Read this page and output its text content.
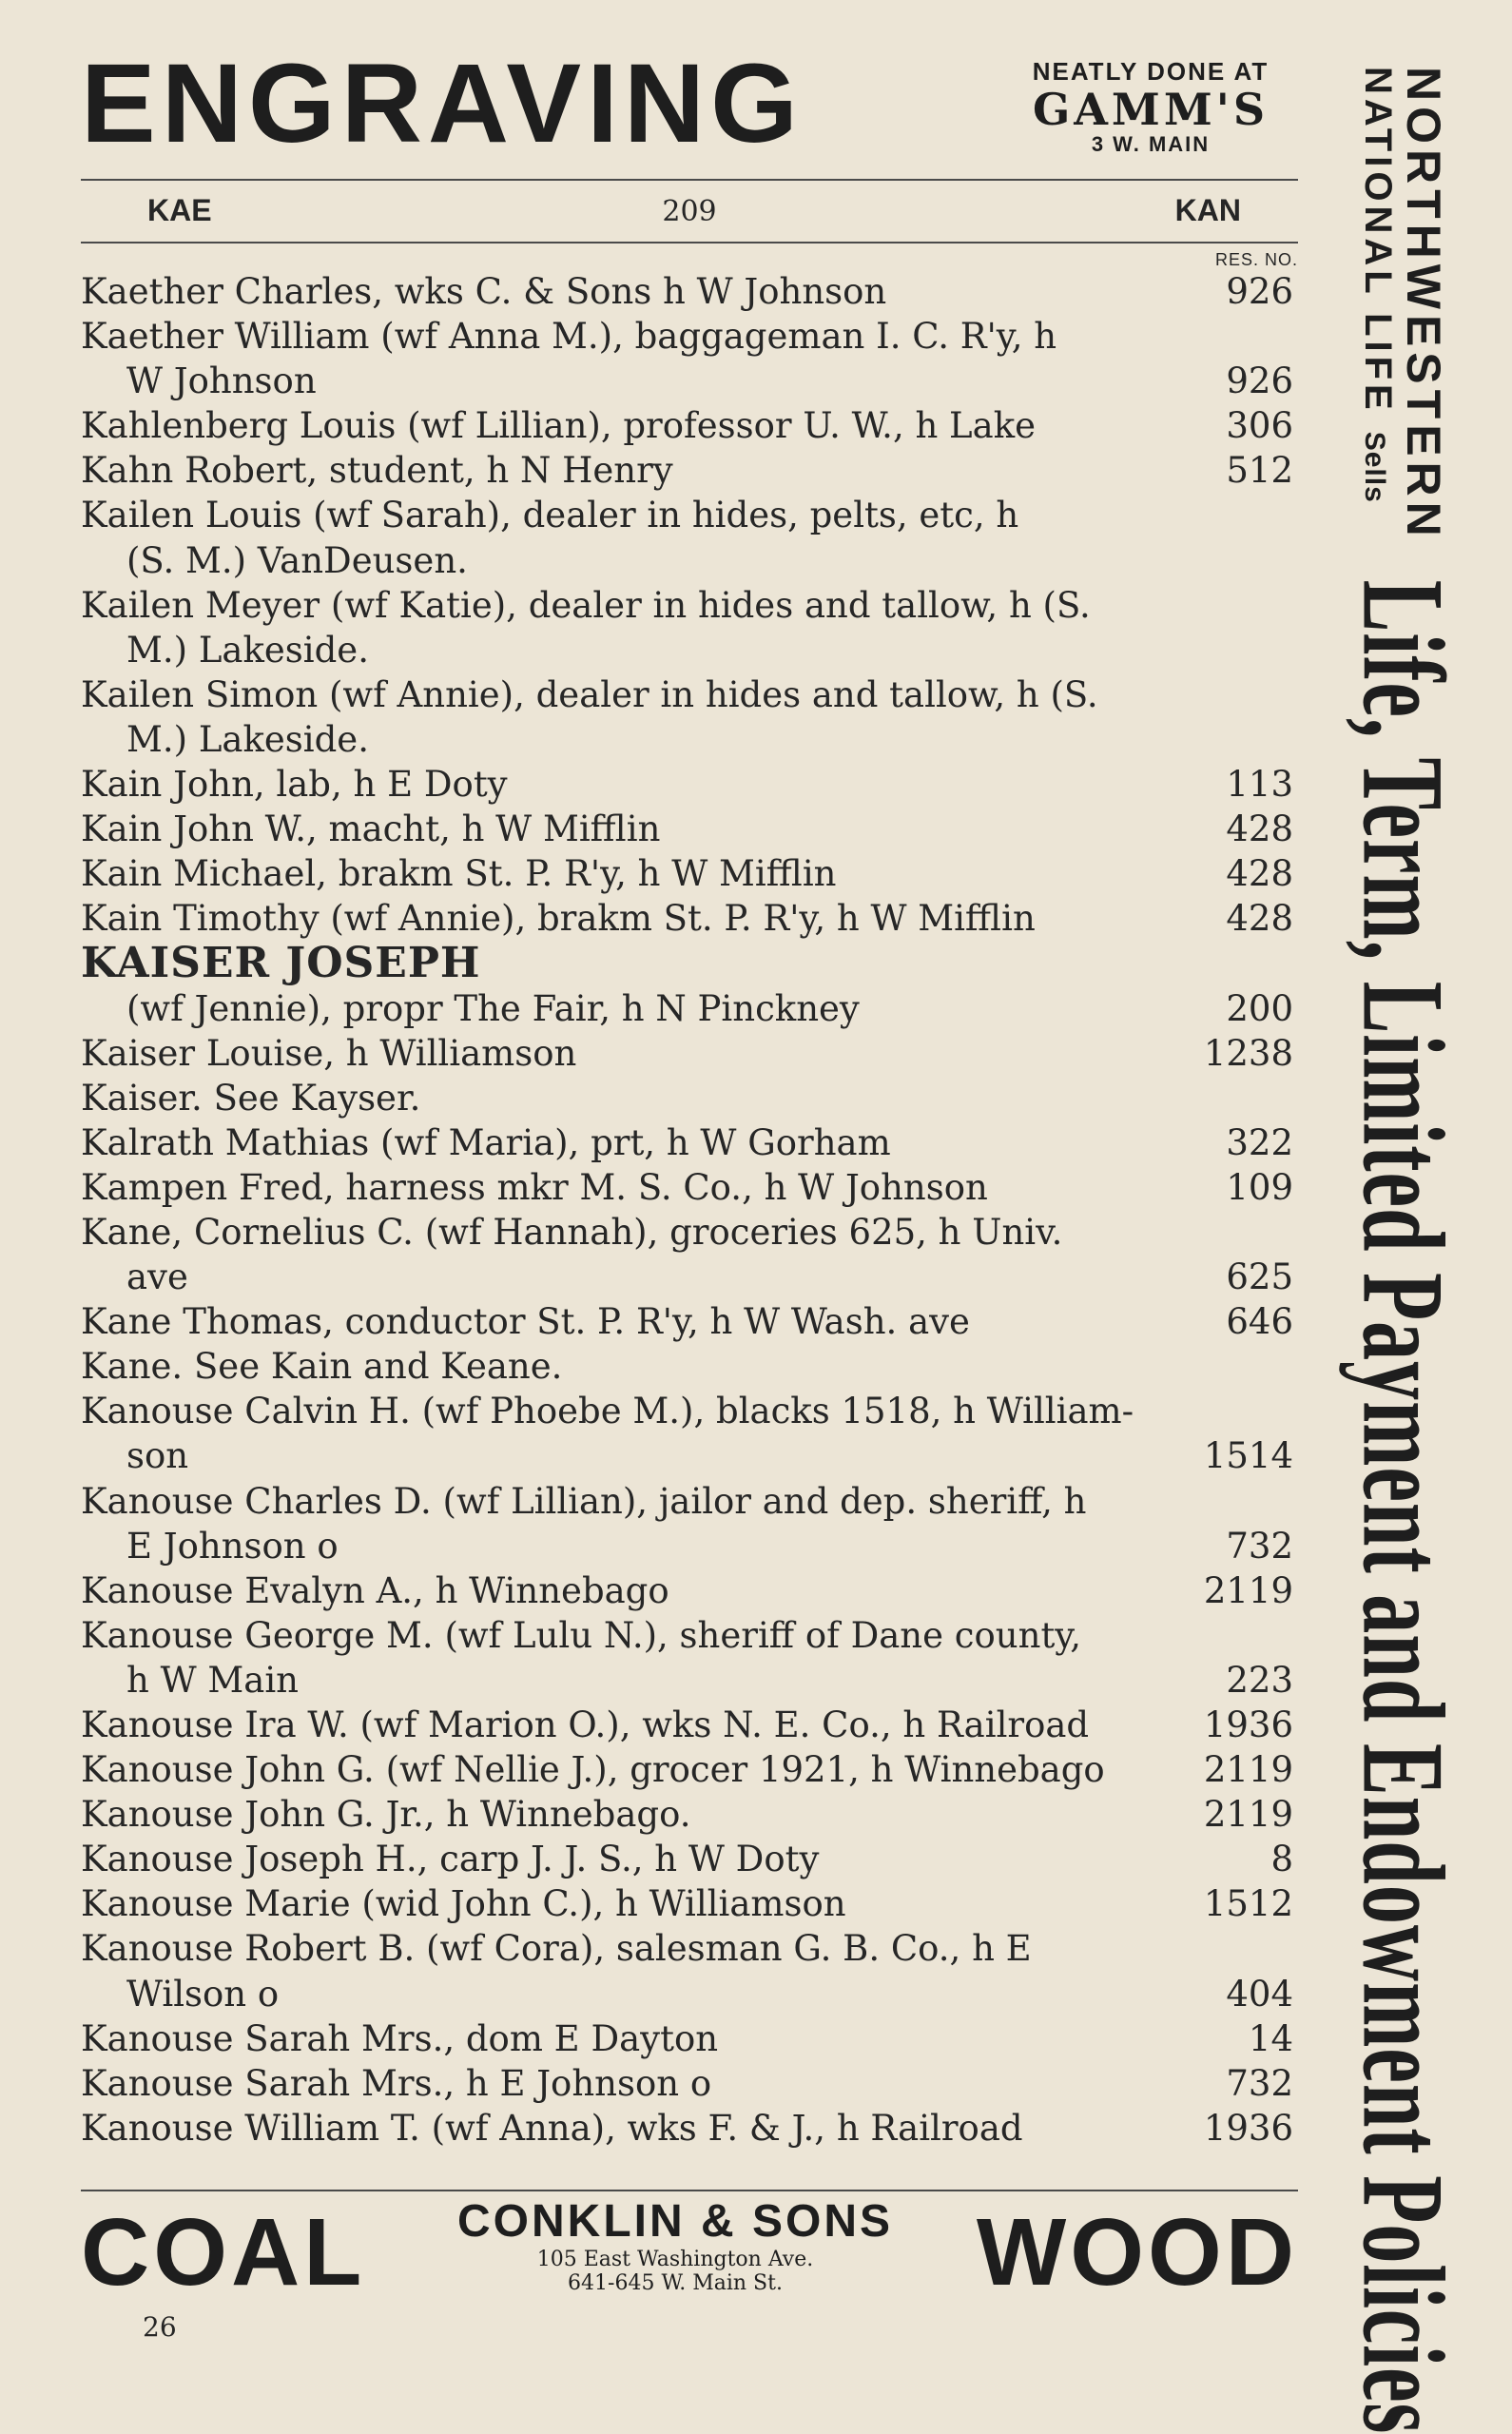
ENGRAVING	NEATLY DONE AT
GAMM'S
3 W. MAIN
KAE	209	KAN
RES. NO.
Kaether Charles, wks C. & Sons h W Johnson	926
Kaether William (wf Anna M.), baggageman I. C. R'y, h
W Johnson	926
Kahlenberg Louis (wf Lillian), professor U. W., h Lake	306
Kahn Robert, student, h N Henry	512
Kailen Louis (wf Sarah), dealer in hides, pelts, etc, h
(S. M.) VanDeusen.
Kailen Meyer (wf Katie), dealer in hides and tallow, h (S.
M.) Lakeside.
Kailen Simon (wf Annie), dealer in hides and tallow, h (S.
M.) Lakeside.
Kain John, lab, h E Doty	113
Kain John W., macht, h W Mifflin	428
Kain Michael, brakm St. P. R'y, h W Mifflin	428
Kain Timothy (wf Annie), brakm St. P. R'y, h W Mifflin	428
KAISER JOSEPH
(wf Jennie), propr The Fair, h N Pinckney	200
Kaiser Louise, h Williamson	1238
Kaiser. See Kayser.
Kalrath Mathias (wf Maria), prt, h W Gorham	322
Kampen Fred, harness mkr M. S. Co., h W Johnson	109
Kane, Cornelius C. (wf Hannah), groceries 625, h Univ.
ave	625
Kane Thomas, conductor St. P. R'y, h W Wash. ave	646
Kane. See Kain and Keane.
Kanouse Calvin H. (wf Phoebe M.), blacks 1518, h William-
son	1514
Kanouse Charles D. (wf Lillian), jailor and dep. sheriff, h
E Johnson o	732
Kanouse Evalyn A., h Winnebago	2119
Kanouse George M. (wf Lulu N.), sheriff of Dane county,
h W Main	223
Kanouse Ira W. (wf Marion O.), wks N. E. Co., h Railroad	1936
Kanouse John G. (wf Nellie J.), grocer 1921, h Winnebago	2119
Kanouse John G. Jr., h Winnebago.	2119
Kanouse Joseph H., carp J. J. S., h W Doty	8
Kanouse Marie (wid John C.), h Williamson	1512
Kanouse Robert B. (wf Cora), salesman G. B. Co., h E
Wilson o	404
Kanouse Sarah Mrs., dom E Dayton	14
Kanouse Sarah Mrs., h E Johnson o	732
Kanouse William T. (wf Anna), wks F. & J., h Railroad	1936
NORTHWESTERN
NATIONAL LIFE
Sells
Life, Term, Limited Payment and Endowment Policies
COAL	CONKLIN & SONS
105 East Washington Ave.
641-645 W. Main St.	WOOD
26
